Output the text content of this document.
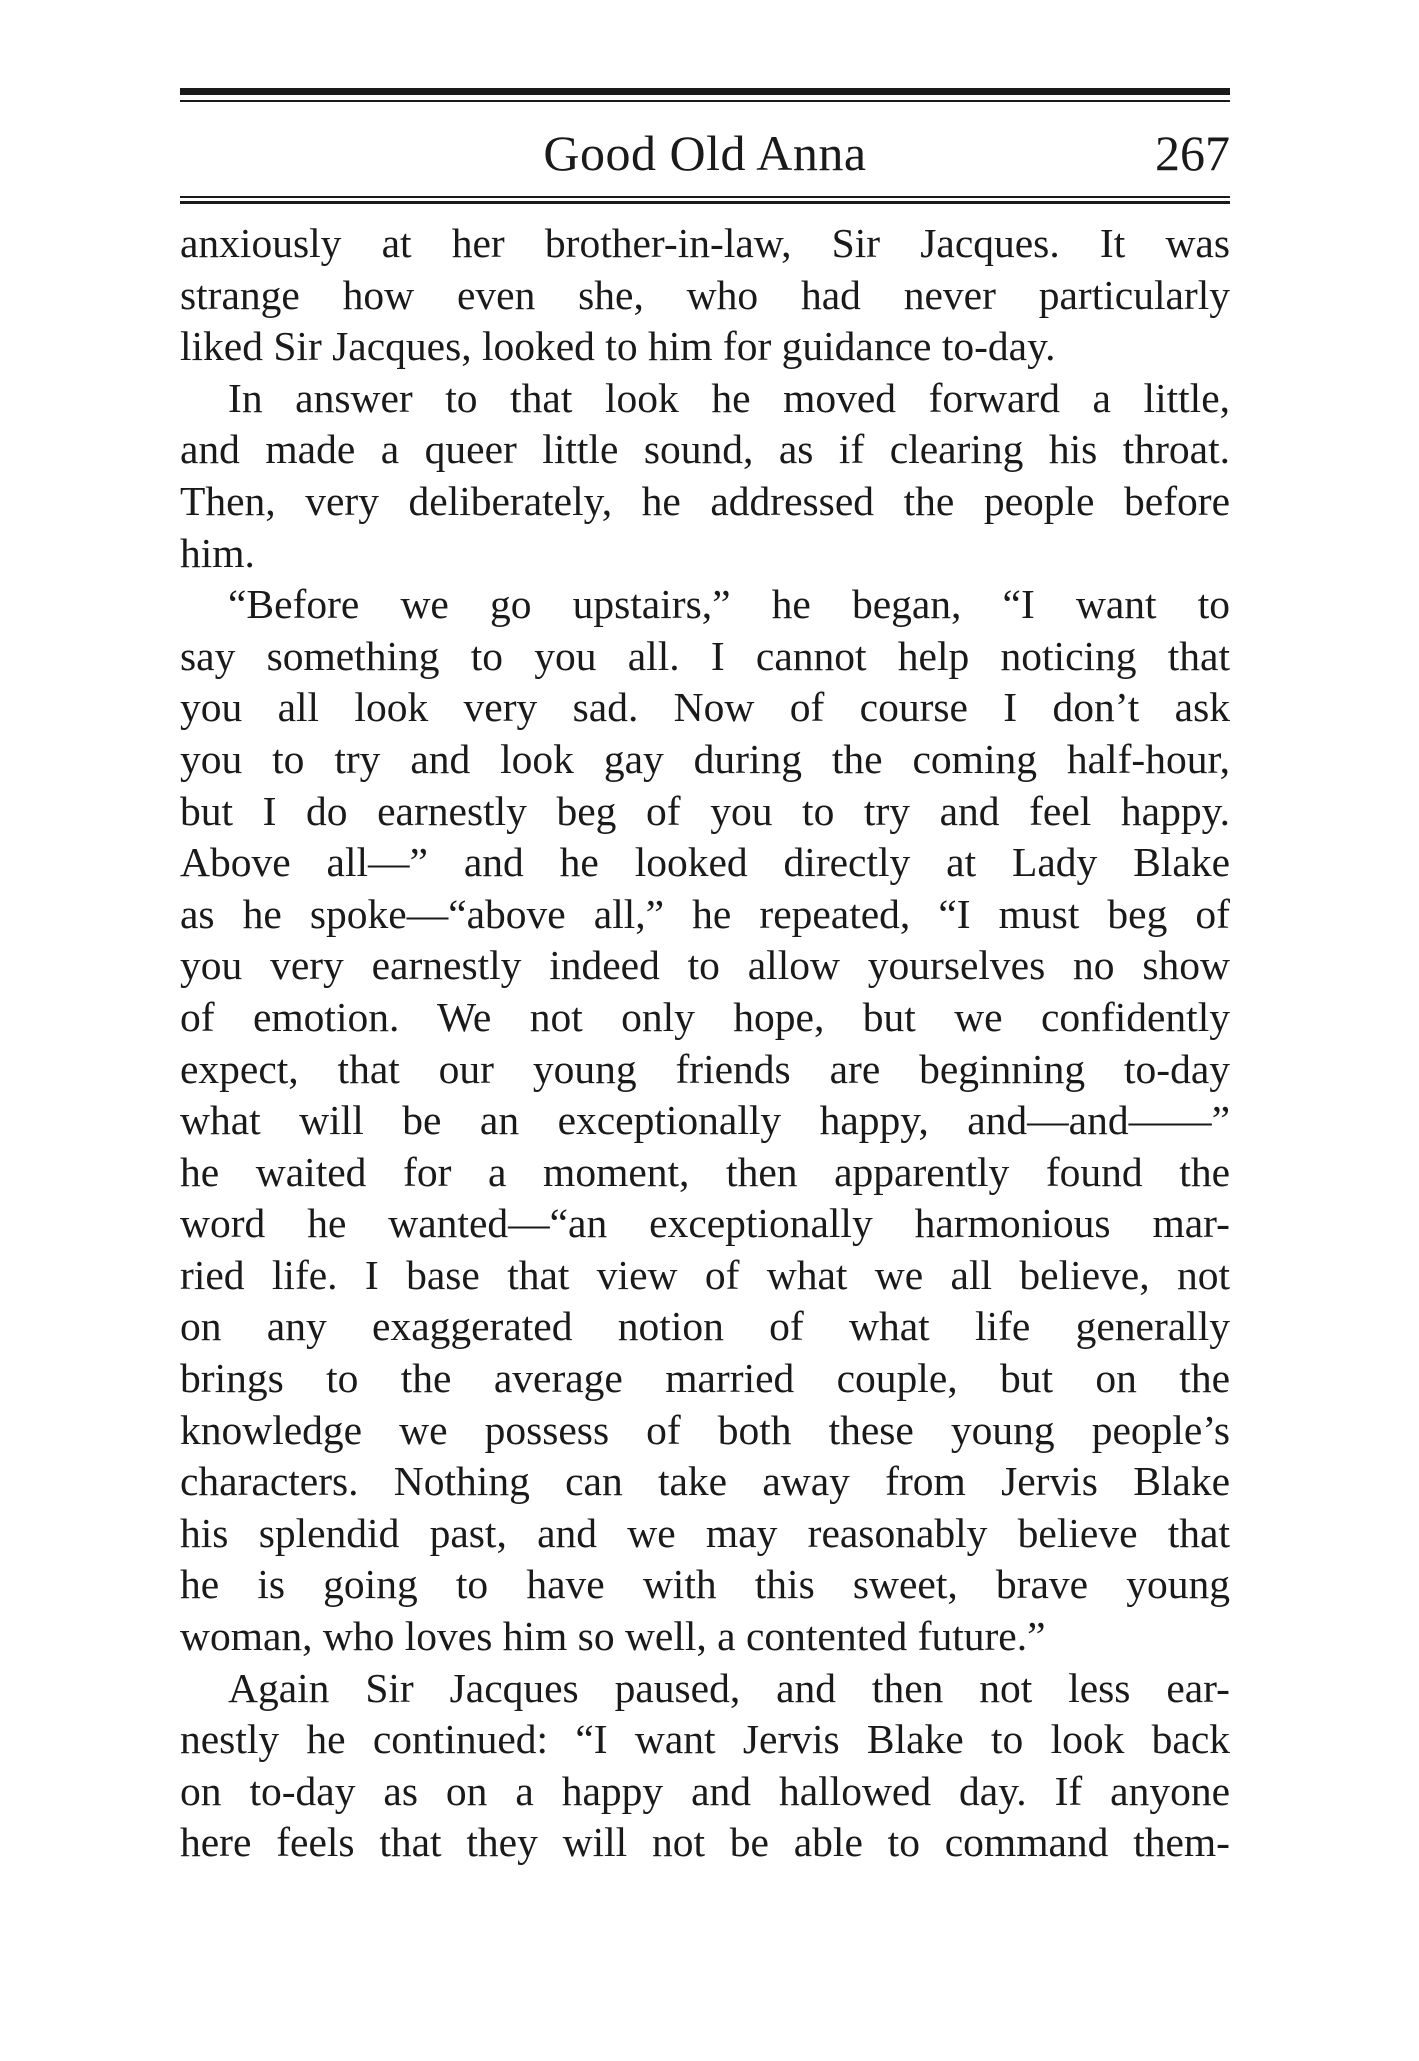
Good Old Anna	267
anxiously at her brother-in-law, Sir Jacques. It was
strange how even she, who had never particularly
liked Sir Jacques, looked to him for guidance to-day.
In answer to that look he moved forward a little,
and made a queer little sound, as if clearing his throat.
Then, very deliberately, he addressed the people before
him.
“Before we go upstairs,” he began, “I want to
say something to you all. I cannot help noticing that
you all look very sad. Now of course I don’t ask
you to try and look gay during the coming half-hour,
but I do earnestly beg of you to try and feel happy.
Above all—” and he looked directly at Lady Blake
as he spoke—“above all,” he repeated, “I must beg of
you very earnestly indeed to allow yourselves no show
of emotion. We not only hope, but we confidently
expect, that our young friends are beginning to-day
what will be an exceptionally happy, and—and——”
he waited for a moment, then apparently found the
word he wanted—“an exceptionally harmonious mar-
ried life. I base that view of what we all believe, not
on any exaggerated notion of what life generally
brings to the average married couple, but on the
knowledge we possess of both these young people’s
characters. Nothing can take away from Jervis Blake
his splendid past, and we may reasonably believe that
he is going to have with this sweet, brave young
woman, who loves him so well, a contented future.”
Again Sir Jacques paused, and then not less ear-
nestly he continued: “I want Jervis Blake to look back
on to-day as on a happy and hallowed day. If anyone
here feels that they will not be able to command them-
